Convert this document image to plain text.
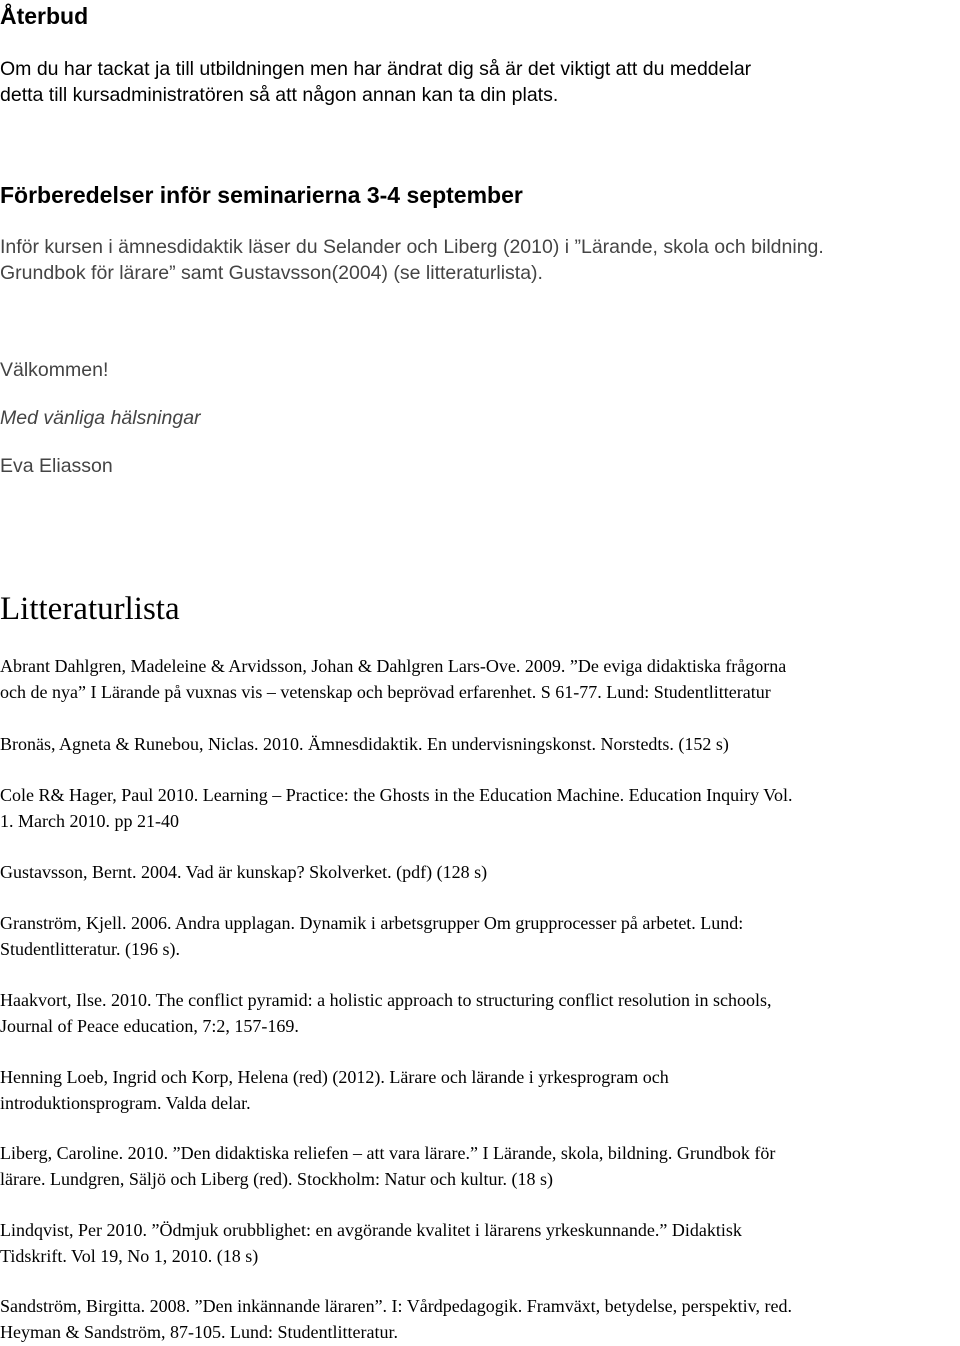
Återbud

Om du har tackat ja till utbildningen men har ändrat dig så är det viktigt att du meddelar

detta till kursadministratören så att någon annan kan ta din plats.

Förberedelser inför seminarierna 3-4 september

Inför kursen i ämnesdidaktik läser du Selander och Liberg (2010) i ”Lärande, skola och bildning.

Grundbok för lärare” samt Gustavsson(2004) (se litteraturlista).

Välkommen!

Med vänliga hälsningar

Eva Eliasson

Litteraturlista

Abrant Dahlgren, Madeleine & Arvidsson, Johan & Dahlgren Lars-Ove. 2009. ”De eviga didaktiska frågorna

och de nya” I Lärande på vuxnas vis – vetenskap och beprövad erfarenhet. S 61-77. Lund: Studentlitteratur

Bronäs, Agneta & Runebou, Niclas. 2010. Ämnesdidaktik. En undervisningskonst. Norstedts. (152 s)

Cole R& Hager, Paul 2010. Learning – Practice: the Ghosts in the Education Machine. Education Inquiry Vol.

1. March 2010. pp 21-40

Gustavsson, Bernt. 2004. Vad är kunskap? Skolverket. (pdf) (128 s)

Granström, Kjell. 2006. Andra upplagan. Dynamik i arbetsgrupper Om grupprocesser på arbetet. Lund:

Studentlitteratur. (196 s).

Haakvort, Ilse. 2010. The conflict pyramid: a holistic approach to structuring conflict resolution in schools,

Journal of Peace education, 7:2, 157-169.

Henning Loeb, Ingrid och Korp, Helena (red) (2012). Lärare och lärande i yrkesprogram och

introduktionsprogram. Valda delar.

Liberg, Caroline. 2010. ”Den didaktiska reliefen – att vara lärare.” I Lärande, skola, bildning. Grundbok för

lärare. Lundgren, Säljö och Liberg (red). Stockholm: Natur och kultur. (18 s)

Lindqvist, Per 2010. ”Ödmjuk orubblighet: en avgörande kvalitet i lärarens yrkeskunnande.” Didaktisk

Tidskrift. Vol 19, No 1, 2010. (18 s)

Sandström, Birgitta. 2008. ”Den inkännande läraren”. I: Vårdpedagogik. Framväxt, betydelse, perspektiv, red.

Heyman & Sandström, 87-105. Lund: Studentlitteratur.
